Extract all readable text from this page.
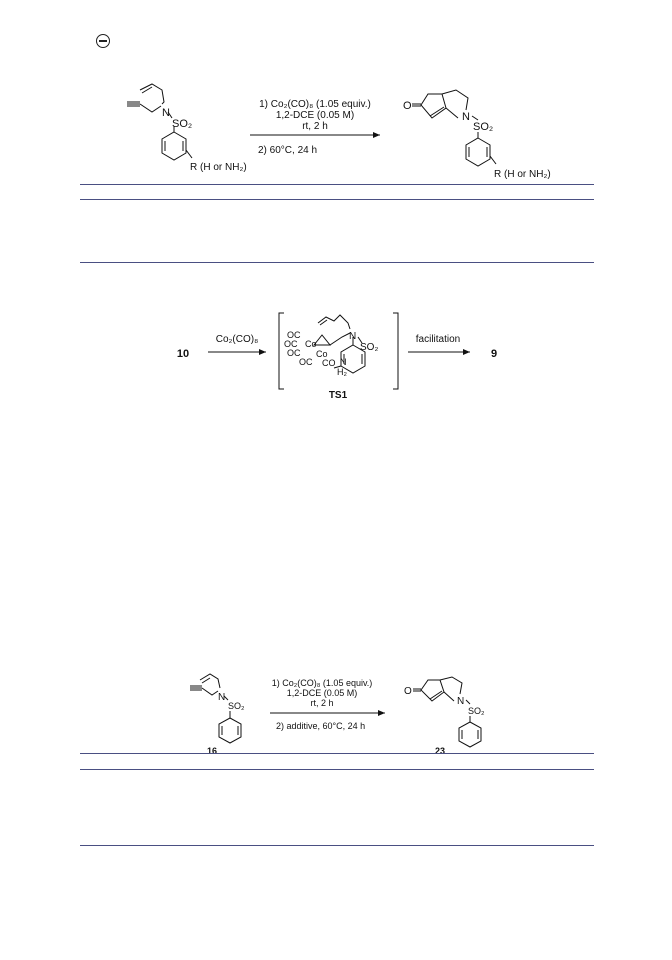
N
SO₂
R (H or NH₂)
1) Co₂(CO)₈ (1.05 equiv.)
1,2-DCE (0.05 M)
rt, 2 h
2) 60°C, 24 h
O
N
SO₂
R (H or NH₂)
10
Co₂(CO)₈	OC
OC Co
OC Co
OC CO
N
SO₂
N
H₂
TS1
facilitation
9
N
SO₂
16
1) Co₂(CO)₈ (1.05 equiv.)
1,2-DCE (0.05 M)
rt, 2 h
2) additive, 60°C, 24 h
O
N
SO₂
23
